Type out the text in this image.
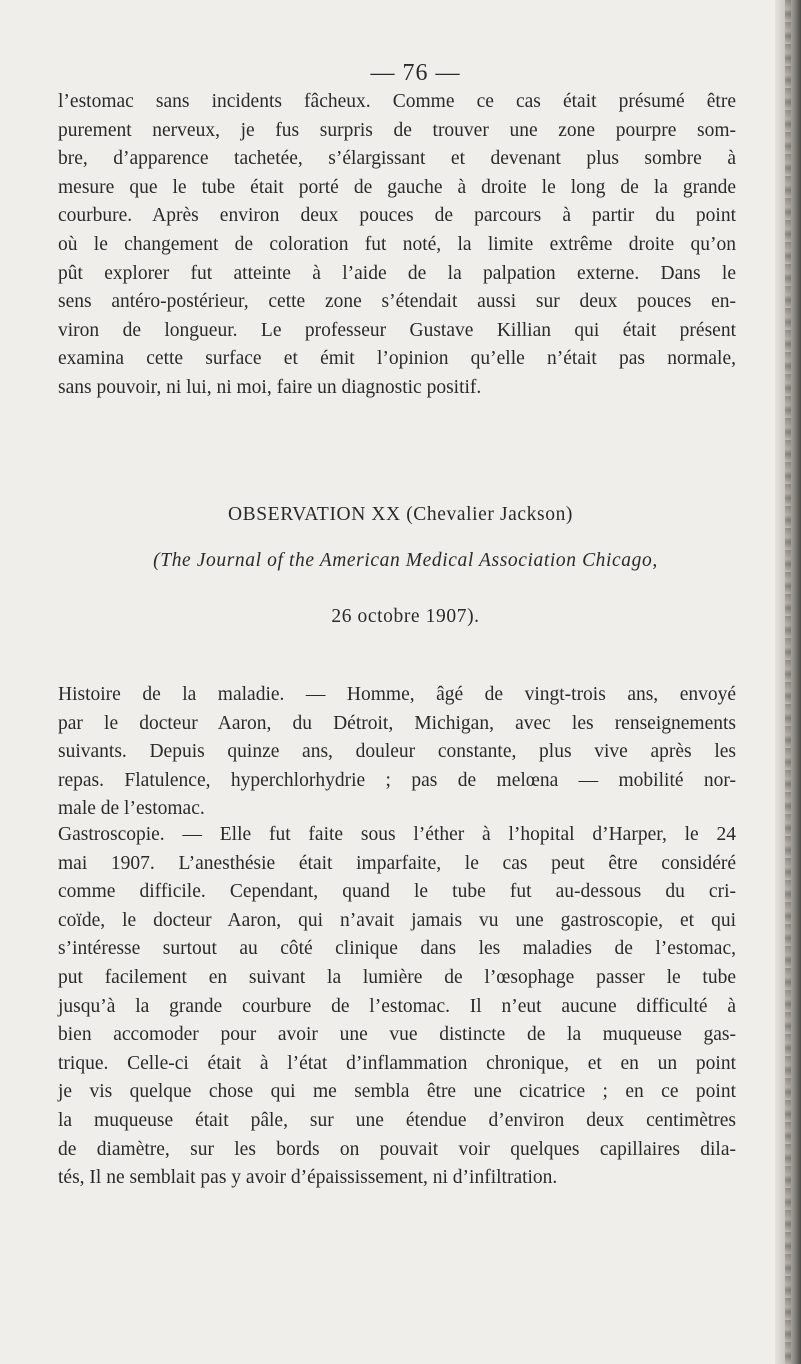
— 76 —

l’estomac sans incidents fâcheux. Comme ce cas était présumé être
purement nerveux, je fus surpris de trouver une zone pourpre som-
bre, d’apparence tachetée, s’élargissant et devenant plus sombre à
mesure que le tube était porté de gauche à droite le long de la grande
courbure. Après environ deux pouces de parcours à partir du point
où le changement de coloration fut noté, la limite extrême droite qu’on
pût explorer fut atteinte à l’aide de la palpation externe. Dans le
sens antéro-postérieur, cette zone s’étendait aussi sur deux pouces en-
viron de longueur. Le professeur Gustave Killian qui était présent
examina cette surface et émit l’opinion qu’elle n’était pas normale,
sans pouvoir, ni lui, ni moi, faire un diagnostic positif.

OBSERVATION XX (Chevalier Jackson)

(The Journal of the American Medical Association Chicago,

26 octobre 1907).

Histoire de la maladie. — Homme, âgé de vingt-trois ans, envoyé
par le docteur Aaron, du Détroit, Michigan, avec les renseignements
suivants. Depuis quinze ans, douleur constante, plus vive après les
repas. Flatulence, hyperchlorhydrie ; pas de melœna — mobilité nor-
male de l’estomac.

Gastroscopie. — Elle fut faite sous l’éther à l’hopital d’Harper, le 24
mai 1907. L’anesthésie était imparfaite, le cas peut être considéré
comme difficile. Cependant, quand le tube fut au-dessous du cri-
coïde, le docteur Aaron, qui n’avait jamais vu une gastroscopie, et qui
s’intéresse surtout au côté clinique dans les maladies de l’estomac,
put facilement en suivant la lumière de l’œsophage passer le tube
jusqu’à la grande courbure de l’estomac. Il n’eut aucune difficulté à
bien accomoder pour avoir une vue distincte de la muqueuse gas-
trique. Celle-ci était à l’état d’inflammation chronique, et en un point
je vis quelque chose qui me sembla être une cicatrice ; en ce point
la muqueuse était pâle, sur une étendue d’environ deux centimètres
de diamètre, sur les bords on pouvait voir quelques capillaires dila-
tés, Il ne semblait pas y avoir d’épaississement, ni d’infiltration.
